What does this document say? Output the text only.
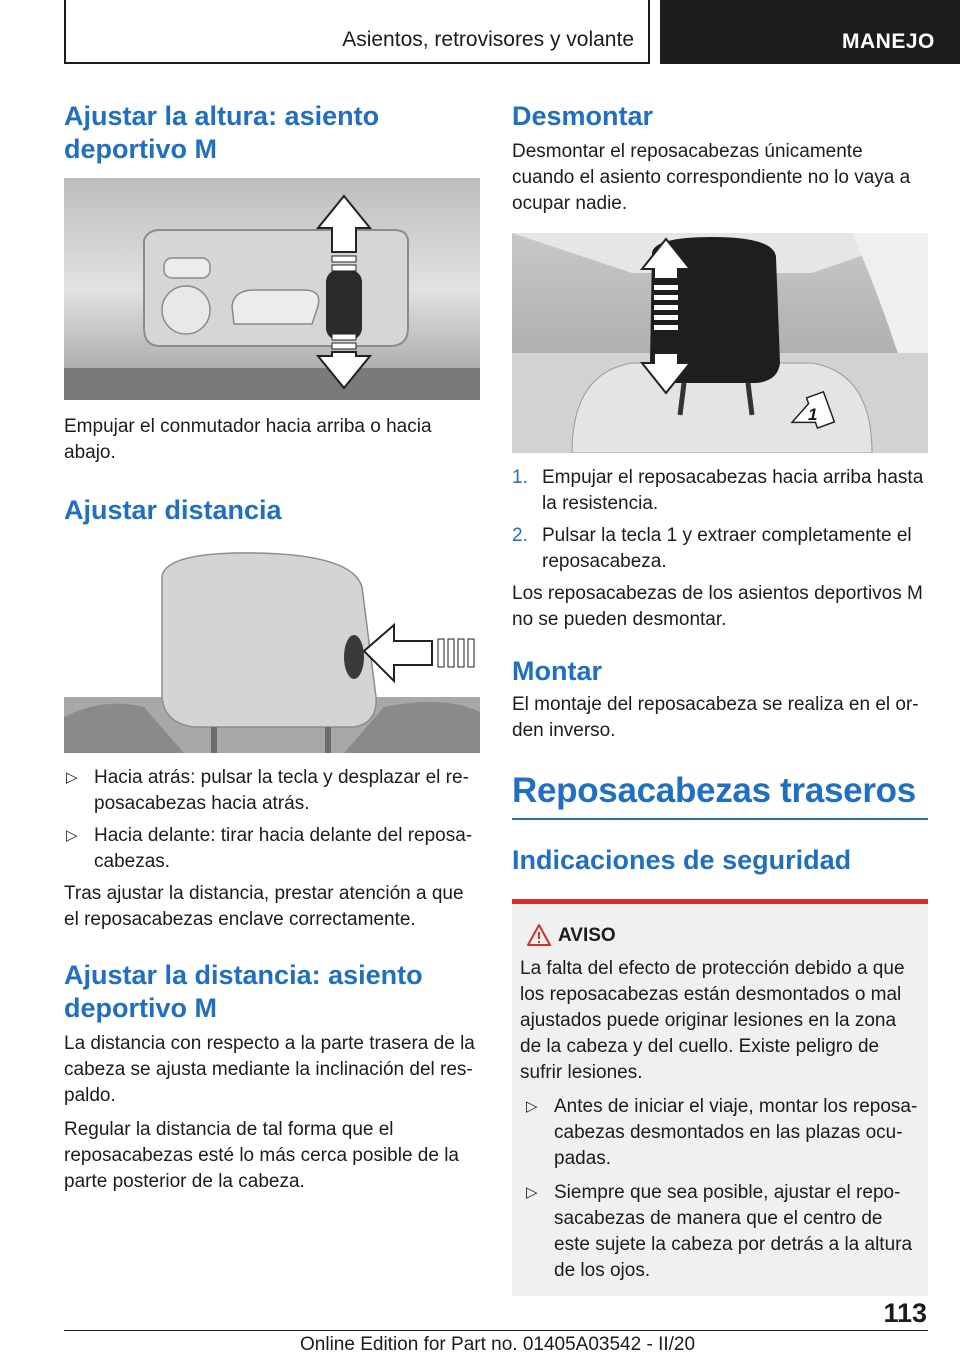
Asientos, retrovisores y volante	MANEJO
Ajustar la altura: asiento deportivo M

Empujar el conmutador hacia arriba o hacia abajo.

Ajustar distancia
▷ Hacia atrás: pulsar la tecla y desplazar el reposacabezas hacia atrás.
▷ Hacia delante: tirar hacia delante del reposacabezas.

Tras ajustar la distancia, prestar atención a que el reposacabezas enclave correctamente.

Ajustar la distancia: asiento deportivo M

La distancia con respecto a la parte trasera de la cabeza se ajusta mediante la inclinación del respaldo.

Regular la distancia de tal forma que el reposacabezas esté lo más cerca posible de la parte posterior de la cabeza.

Desmontar

Desmontar el reposacabezas únicamente cuando el asiento correspondiente no lo vaya a ocupar nadie.

1
1. Empujar el reposacabezas hacia arriba hasta la resistencia.
2. Pulsar la tecla 1 y extraer completamente el reposacabeza.

Los reposacabezas de los asientos deportivos M no se pueden desmontar.

Montar

El montaje del reposacabeza se realiza en el orden inverso.

Reposacabezas traseros
Indicaciones de seguridad
AVISO

La falta del efecto de protección debido a que los reposacabezas están desmontados o mal ajustados puede originar lesiones en la zona de la cabeza y del cuello. Existe peligro de sufrir lesiones.

▷ Antes de iniciar el viaje, montar los reposacabezas desmontados en las plazas ocupadas.
▷ Siempre que sea posible, ajustar el reposacabezas de manera que el centro de este sujete la cabeza por detrás a la altura de los ojos.
113
Online Edition for Part no. 01405A03542 - II/20
